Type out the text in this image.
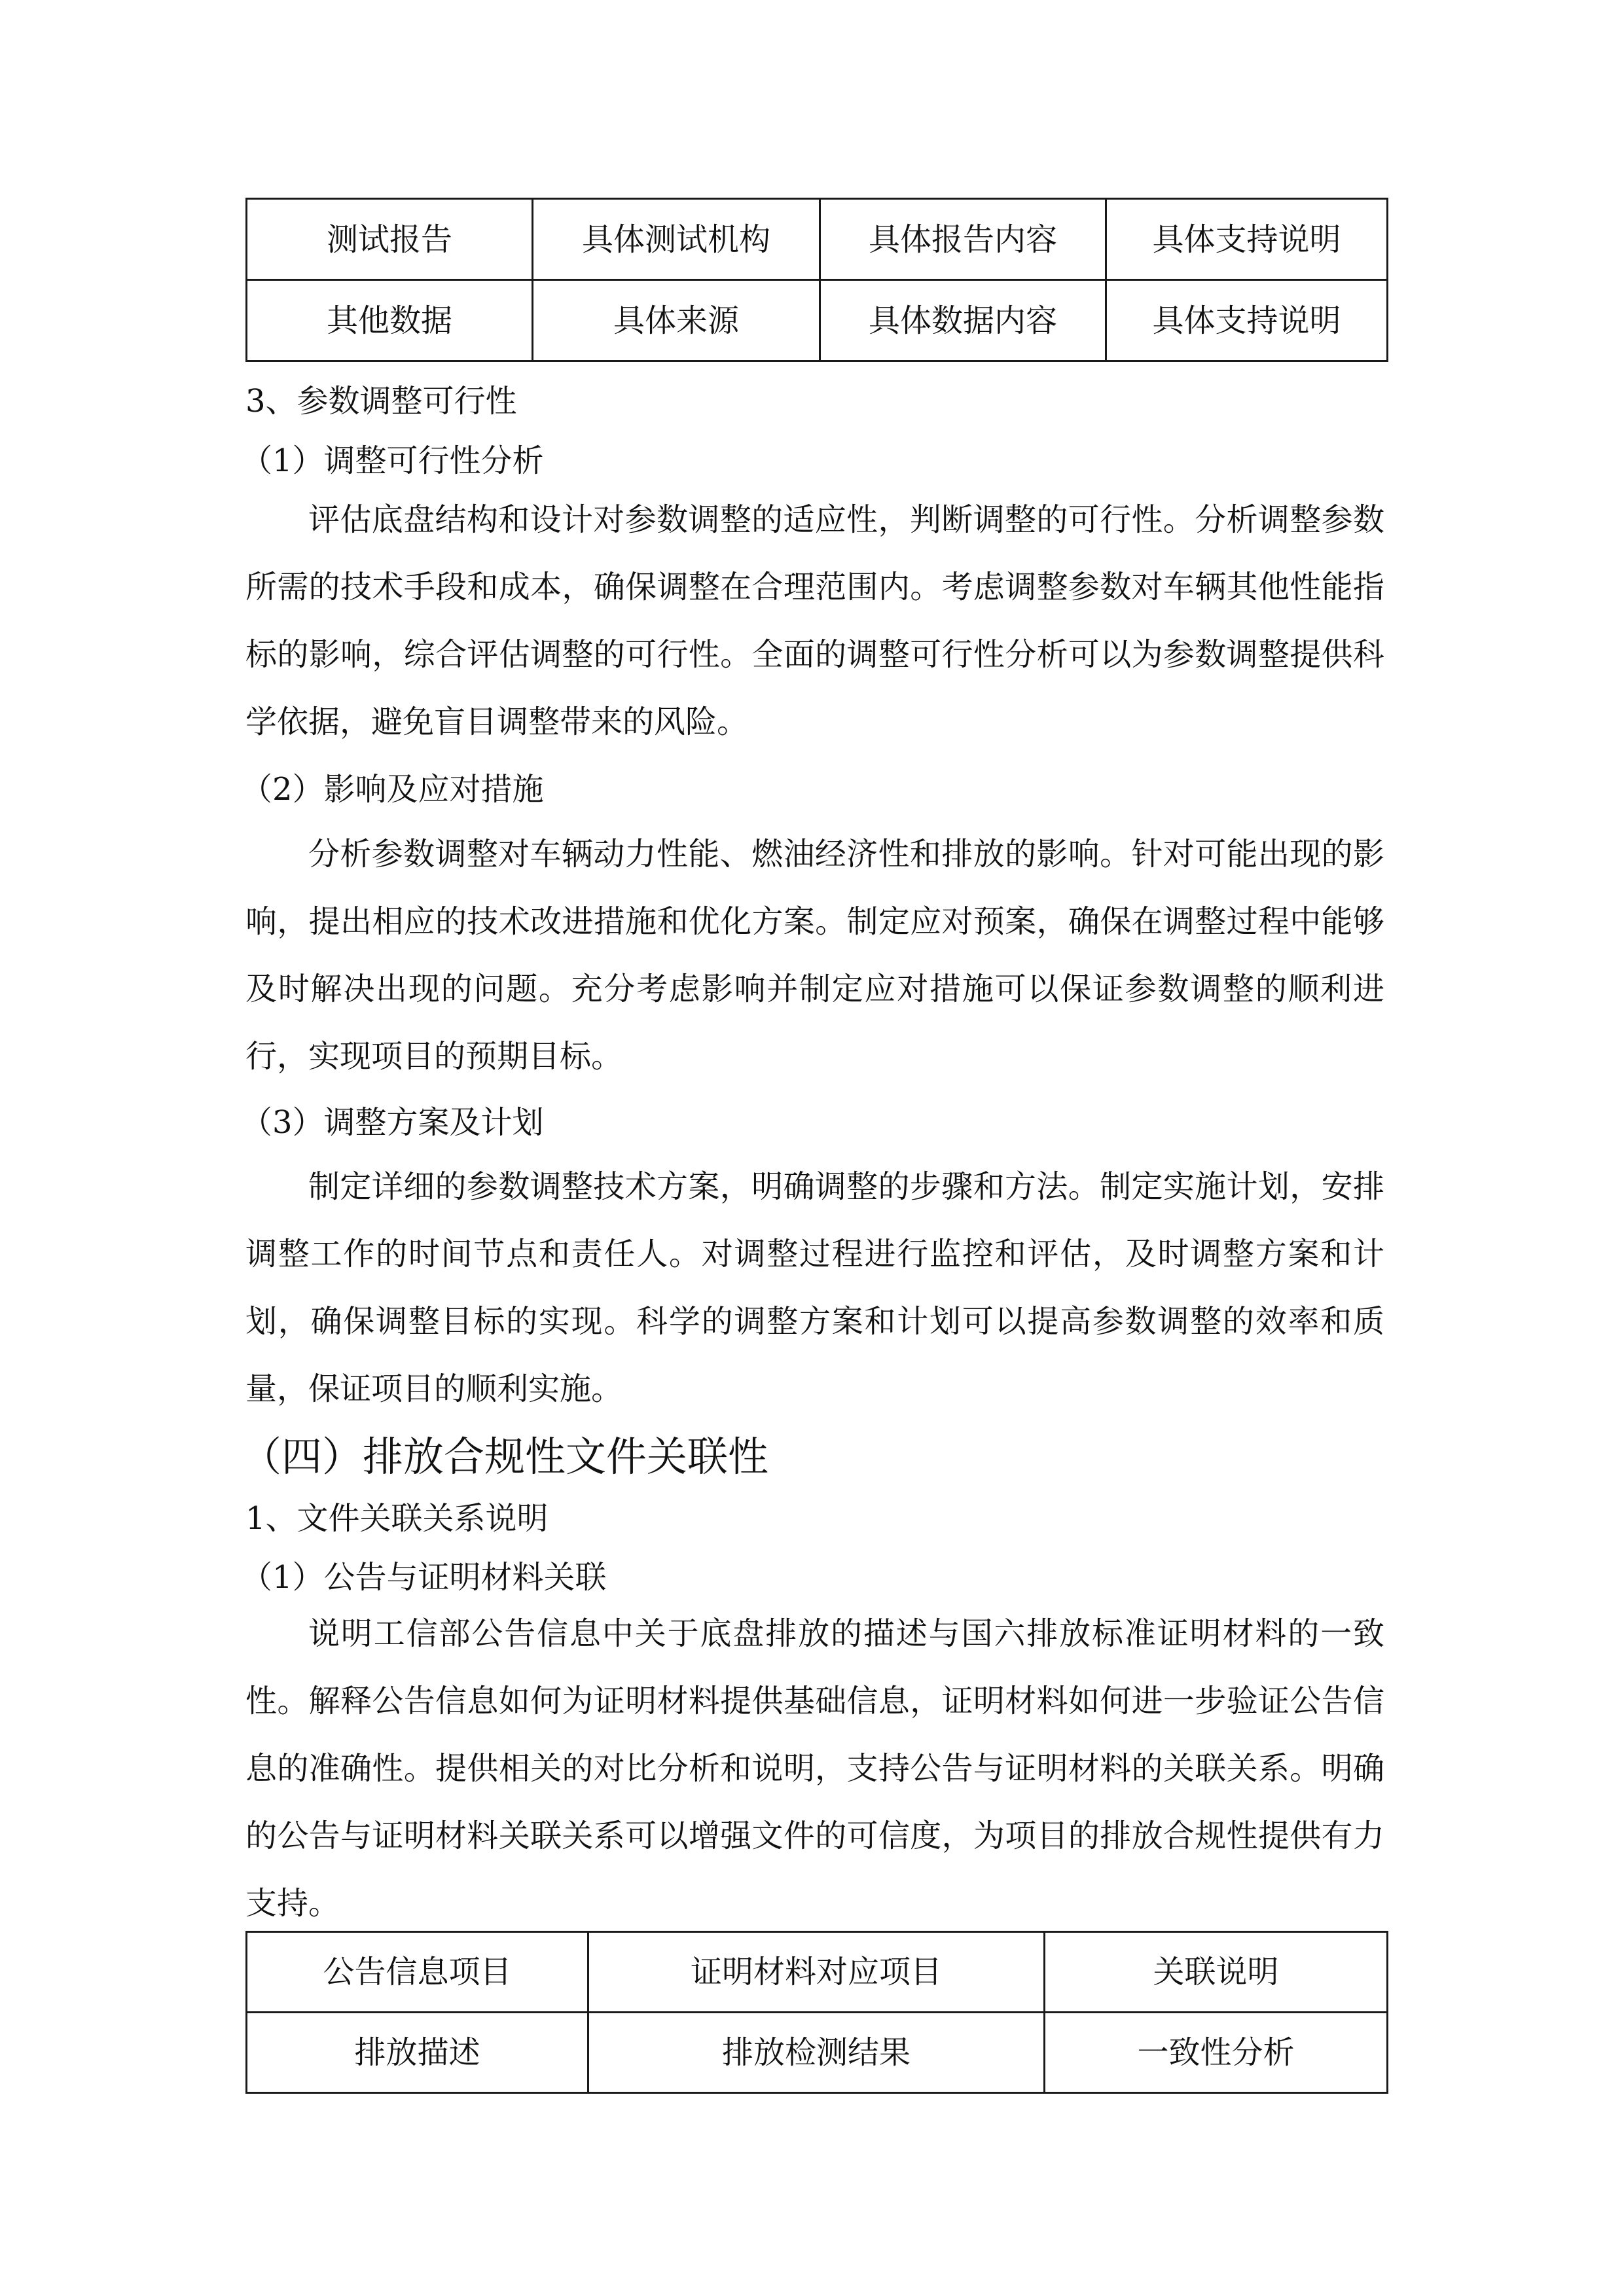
测试报告	具体测试机构	具体报告内容	具体支持说明
其他数据	具体来源	具体数据内容	具体支持说明

3、参数调整可行性

（1）调整可行性分析

评估底盘结构和设计对参数调整的适应性，判断调整的可行性。分析调整参数所需的技术手段和成本，确保调整在合理范围内。考虑调整参数对车辆其他性能指标的影响，综合评估调整的可行性。全面的调整可行性分析可以为参数调整提供科学依据，避免盲目调整带来的风险。

（2）影响及应对措施

分析参数调整对车辆动力性能、燃油经济性和排放的影响。针对可能出现的影响，提出相应的技术改进措施和优化方案。制定应对预案，确保在调整过程中能够及时解决出现的问题。充分考虑影响并制定应对措施可以保证参数调整的顺利进行，实现项目的预期目标。

（3）调整方案及计划

制定详细的参数调整技术方案，明确调整的步骤和方法。制定实施计划，安排调整工作的时间节点和责任人。对调整过程进行监控和评估，及时调整方案和计划，确保调整目标的实现。科学的调整方案和计划可以提高参数调整的效率和质量，保证项目的顺利实施。

（四）排放合规性文件关联性

1、文件关联关系说明

（1）公告与证明材料关联

说明工信部公告信息中关于底盘排放的描述与国六排放标准证明材料的一致性。解释公告信息如何为证明材料提供基础信息，证明材料如何进一步验证公告信息的准确性。提供相关的对比分析和说明，支持公告与证明材料的关联关系。明确的公告与证明材料关联关系可以增强文件的可信度，为项目的排放合规性提供有力支持。

公告信息项目	证明材料对应项目	关联说明
排放描述	排放检测结果	一致性分析
